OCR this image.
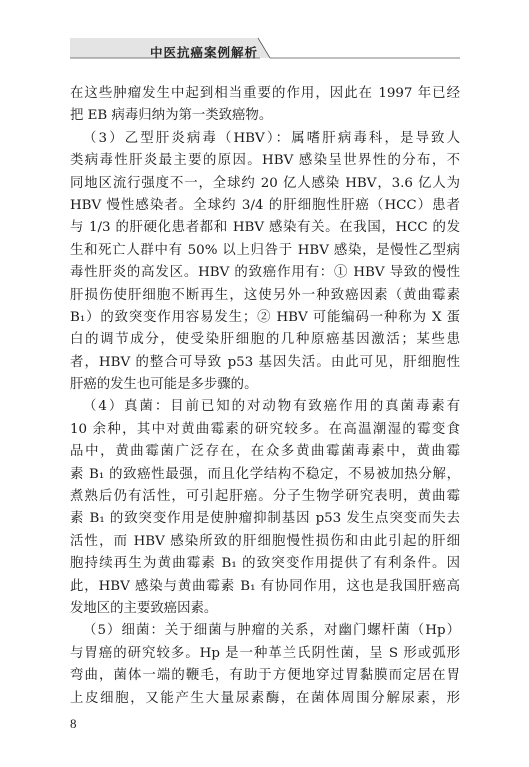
中医抗癌案例解析
在这些肿瘤发生中起到相当重要的作用，因此在 1997 年已经
把 EB 病毒归纳为第一类致癌物。
（3）乙型肝炎病毒（HBV）：属嗜肝病毒科，是导致人
类病毒性肝炎最主要的原因。HBV 感染呈世界性的分布，不
同地区流行强度不一，全球约 20 亿人感染 HBV，3.6 亿人为
HBV 慢性感染者。全球约 3/4 的肝细胞性肝癌（HCC）患者
与 1/3 的肝硬化患者都和 HBV 感染有关。在我国，HCC 的发
生和死亡人群中有 50% 以上归咎于 HBV 感染，是慢性乙型病
毒性肝炎的高发区。HBV 的致癌作用有：① HBV 导致的慢性
肝损伤使肝细胞不断再生，这使另外一种致癌因素（黄曲霉素
B₁）的致突变作用容易发生；② HBV 可能编码一种称为 X 蛋
白的调节成分，使受染肝细胞的几种原癌基因激活；某些患
者，HBV 的整合可导致 p53 基因失活。由此可见，肝细胞性
肝癌的发生也可能是多步骤的。
（4）真菌：目前已知的对动物有致癌作用的真菌毒素有
10 余种，其中对黄曲霉素的研究较多。在高温潮湿的霉变食
品中，黄曲霉菌广泛存在，在众多黄曲霉菌毒素中，黄曲霉
素 B₁ 的致癌性最强，而且化学结构不稳定，不易被加热分解，
煮熟后仍有活性，可引起肝癌。分子生物学研究表明，黄曲霉
素 B₁ 的致突变作用是使肿瘤抑制基因 p53 发生点突变而失去
活性，而 HBV 感染所致的肝细胞慢性损伤和由此引起的肝细
胞持续再生为黄曲霉素 B₁ 的致突变作用提供了有利条件。因
此，HBV 感染与黄曲霉素 B₁ 有协同作用，这也是我国肝癌高
发地区的主要致癌因素。
（5）细菌：关于细菌与肿瘤的关系，对幽门螺杆菌（Hp）
与胃癌的研究较多。Hp 是一种革兰氏阴性菌，呈 S 形或弧形
弯曲，菌体一端的鞭毛，有助于方便地穿过胃黏膜而定居在胃
上皮细胞，又能产生大量尿素酶，在菌体周围分解尿素，形
8
